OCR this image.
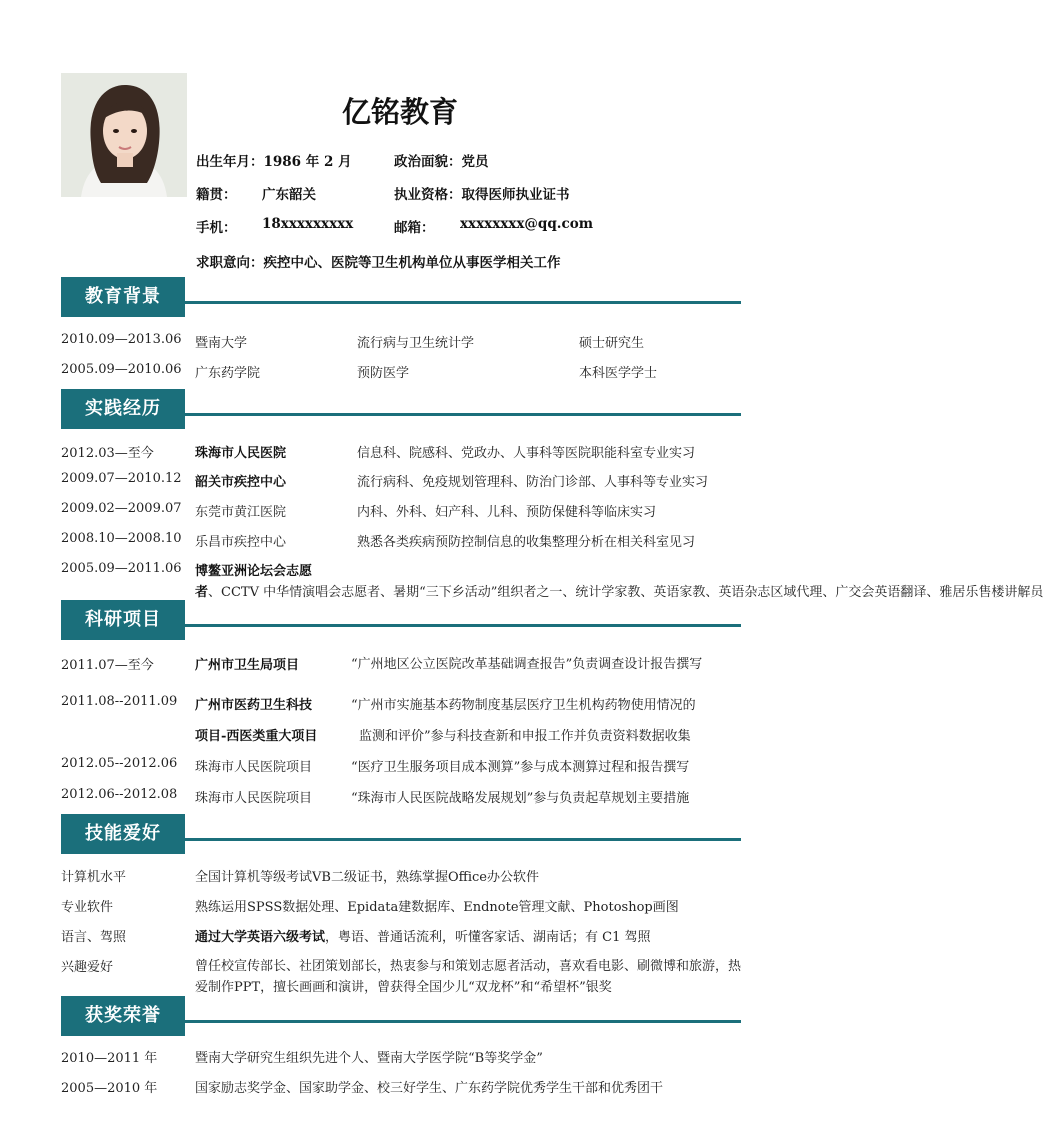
亿铭教育
出生年月：1986 年 2 月	政治面貌：党员
籍贯： 广东韶关	执业资格：取得医师执业证书
手机： 18xxxxxxxxx	邮箱： xxxxxxxx@qq.com
求职意向：疾控中心、医院等卫生机构单位从事医学相关工作
教育背景
2010.09—2013.06 暨南大学	流行病与卫生统计学	硕士研究生
2005.09—2010.06 广东药学院	预防医学	本科医学学士
实践经历
2012.03—至今	珠海市人民医院	信息科、院感科、党政办、人事科等医院职能科室专业实习
2009.07—2010.12 韶关市疾控中心	流行病科、免疫规划管理科、防治门诊部、人事科等专业实习
2009.02—2009.07 东莞市黄江医院	内科、外科、妇产科、儿科、预防保健科等临床实习
2008.10—2008.10 乐昌市疾控中心	熟悉各类疾病预防控制信息的收集整理分析在相关科室见习
2005.09—2011.06 博鳌亚洲论坛会志愿者、CCTV 中华情演唱会志愿者、暑期“三下乡活动”组织者之一、统计学家教、英语家教、英语杂志区域代理、广交会英语翻译、雅居乐售楼讲解员
科研项目
2011.07—至今	广州市卫生局项目	“广州地区公立医院改革基础调查报告”负责调查设计报告撰写
2011.08--2011.09 广州市医药卫生科技	“广州市实施基本药物制度基层医疗卫生机构药物使用情况的
项目-西医类重大项目	监测和评价”参与科技查新和申报工作并负责资料数据收集
2012.05--2012.06 珠海市人民医院项目	“医疗卫生服务项目成本测算”参与成本测算过程和报告撰写
2012.06--2012.08 珠海市人民医院项目	“珠海市人民医院战略发展规划”参与负责起草规划主要措施
技能爱好
计算机水平	全国计算机等级考试VB二级证书，熟练掌握Office办公软件
专业软件	熟练运用SPSS数据处理、Epidata建数据库、Endnote管理文献、Photoshop画图
语言、驾照	通过大学英语六级考试，粤语、普通话流利，听懂客家话、湖南话；有 C1 驾照
兴趣爱好	曾任校宣传部长、社团策划部长，热衷参与和策划志愿者活动，喜欢看电影、刷微博和旅游，热爱制作PPT，擅长画画和演讲，曾获得全国少儿“双龙杯”和“希望杯”银奖
获奖荣誉
2010—2011 年	暨南大学研究生组织先进个人、暨南大学医学院“B等奖学金”
2005—2010 年	国家励志奖学金、国家助学金、校三好学生、广东药学院优秀学生干部和优秀团干
